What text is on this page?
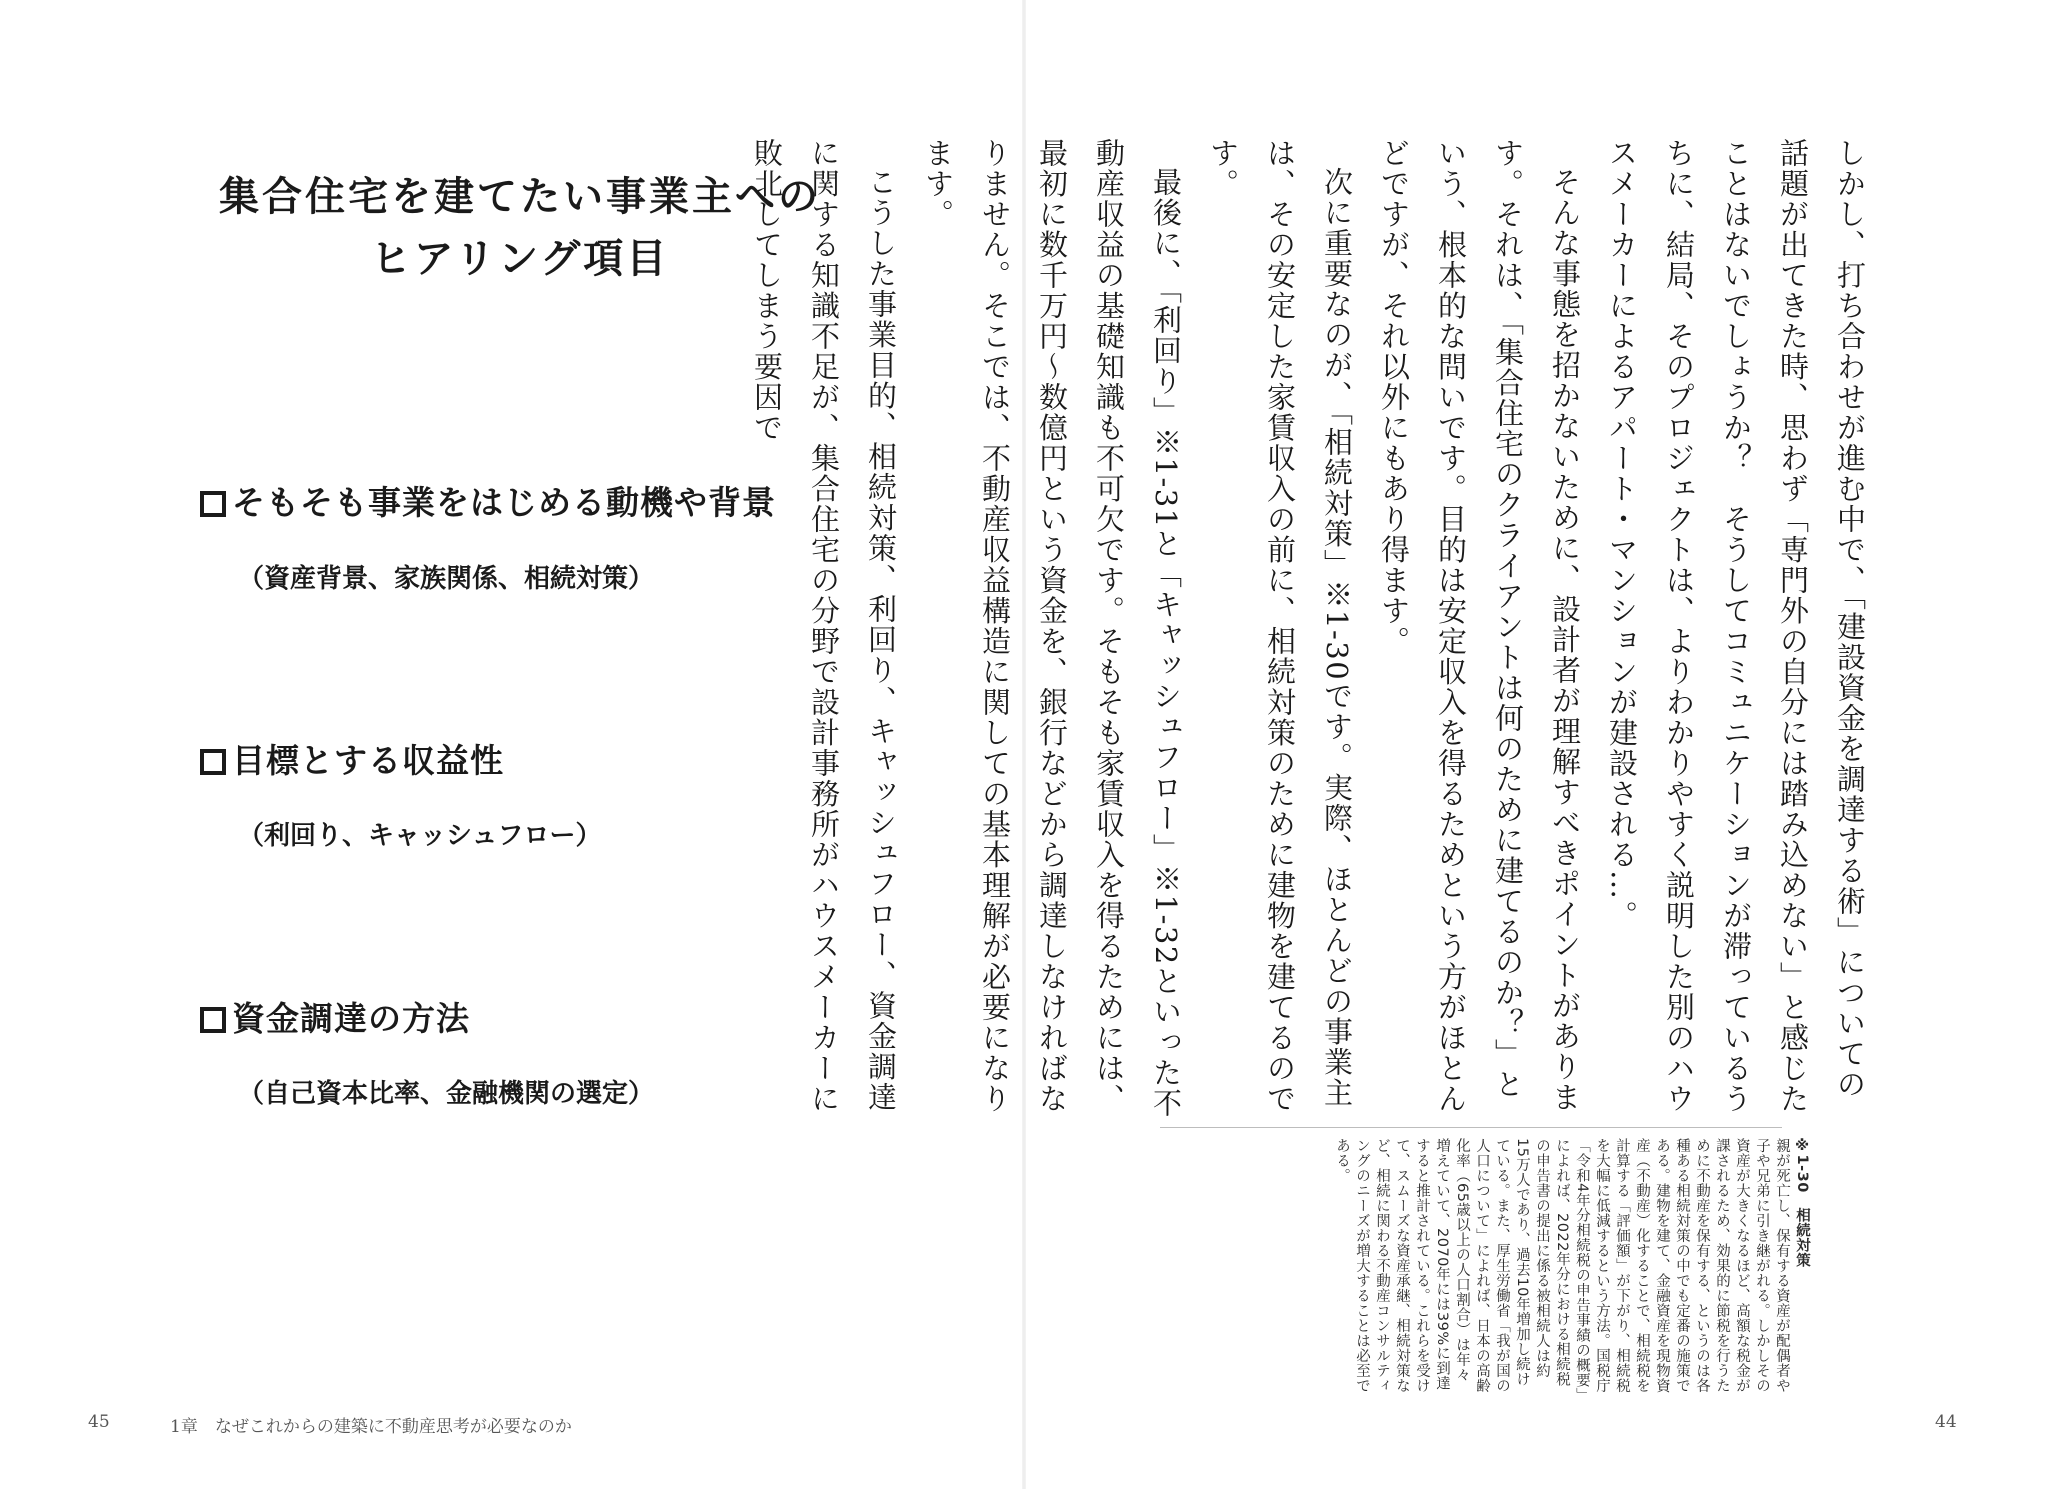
集合住宅を建てたい事業主への
ヒアリング項目
そもそも事業をはじめる動機や背景
（資産背景、家族関係、相続対策）
目標とする収益性
（利回り、キャッシュフロー）
資金調達の方法
（自己資本比率、金融機関の選定）
45	1章　なぜこれからの建築に不動産思考が必要なのか

しかし、打ち合わせが進む中で、「建設資金を調達する術」についての話題が出てきた時、思わず「専門外の自分には踏み込めない」と感じたことはないでしょうか？　そうしてコミュニケーションが滞っているうちに、結局、そのプロジェクトは、よりわかりやすく説明した別のハウスメーカーによるアパート・マンションが建設される…。

そんな事態を招かないために、設計者が理解すべきポイントがあります。それは、「集合住宅のクライアントは何のために建てるのか？」という、根本的な問いです。目的は安定収入を得るためという方がほとんどですが、それ以外にもあり得ます。

次に重要なのが、「相続対策」※1-30です。実際、ほとんどの事業主は、その安定した家賃収入の前に、相続対策のために建物を建てるのです。

最後に、「利回り」※1-31と「キャッシュフロー」※1-32といった不動産収益の基礎知識も不可欠です。そもそも家賃収入を得るためには、最初に数千万円〜数億円という資金を、銀行などから調達しなければなりません。そこでは、不動産収益構造に関しての基本理解が必要になります。

こうした事業目的、相続対策、利回り、キャッシュフロー、資金調達に関する知識不足が、集合住宅の分野で設計事務所がハウスメーカーに敗北してしまう要因で

※1-30　相続対策

親が死亡し、保有する資産が配偶者や子や兄弟に引き継がれる。しかしその資産が大きくなるほど、高額な税金が課されるため、効果的に節税を行うために不動産を保有する、というのは各種ある相続対策の中でも定番の施策である。建物を建て、金融資産を現物資産（不動産）化することで、相続税を計算する「評価額」が下がり、相続税を大幅に低減するという方法。国税庁「令和4年分相続税の申告事績の概要」によれば、2022年分における相続税の申告書の提出に係る被相続人は約15万人であり、過去10年増加し続けている。また、厚生労働省「我が国の人口について」によれば、日本の高齢化率（65歳以上の人口割合）は年々増えていて、2070年には39%に到達すると推計されている。これらを受けて、スムーズな資産承継、相続対策など、相続に関わる不動産コンサルティングのニーズが増大することは必至である。

44
